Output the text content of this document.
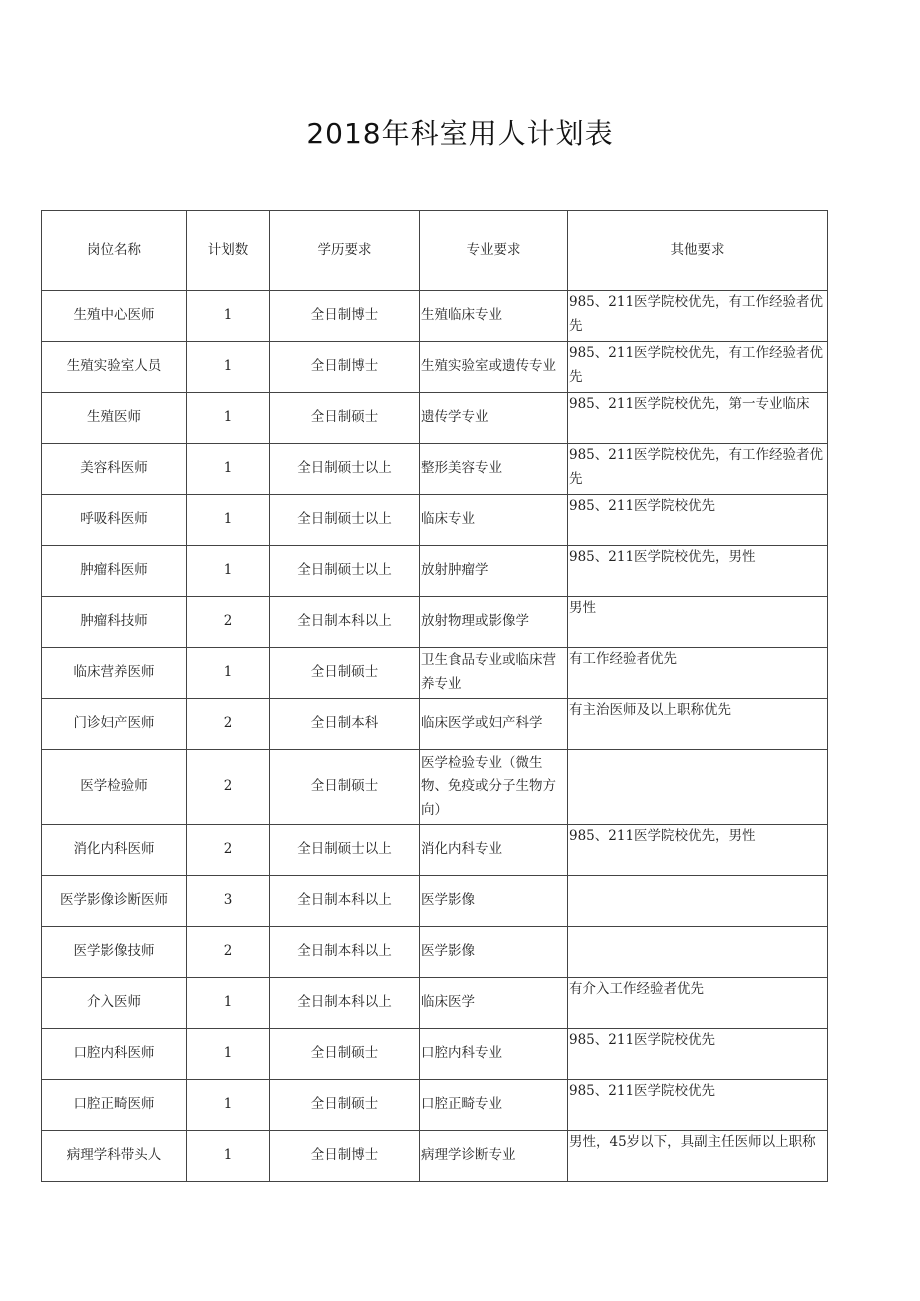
2018年科室用人计划表
岗位名称	计划数	学历要求	专业要求	其他要求
生殖中心医师	1	全日制博士	生殖临床专业	985、211医学院校优先，有工作经验者优先
生殖实验室人员	1	全日制博士	生殖实验室或遗传专业	985、211医学院校优先，有工作经验者优先
生殖医师	1	全日制硕士	遗传学专业	985、211医学院校优先，第一专业临床
美容科医师	1	全日制硕士以上	整形美容专业	985、211医学院校优先，有工作经验者优先
呼吸科医师	1	全日制硕士以上	临床专业	985、211医学院校优先
肿瘤科医师	1	全日制硕士以上	放射肿瘤学	985、211医学院校优先，男性
肿瘤科技师	2	全日制本科以上	放射物理或影像学	男性
临床营养医师	1	全日制硕士	卫生食品专业或临床营养专业	有工作经验者优先
门诊妇产医师	2	全日制本科	临床医学或妇产科学	有主治医师及以上职称优先
医学检验师	2	全日制硕士	医学检验专业（微生物、免疫或分子生物方向）	
消化内科医师	2	全日制硕士以上	消化内科专业	985、211医学院校优先，男性
医学影像诊断医师	3	全日制本科以上	医学影像	
医学影像技师	2	全日制本科以上	医学影像	
介入医师	1	全日制本科以上	临床医学	有介入工作经验者优先
口腔内科医师	1	全日制硕士	口腔内科专业	985、211医学院校优先
口腔正畸医师	1	全日制硕士	口腔正畸专业	985、211医学院校优先
病理学科带头人	1	全日制博士	病理学诊断专业	男性，45岁以下，具副主任医师以上职称
